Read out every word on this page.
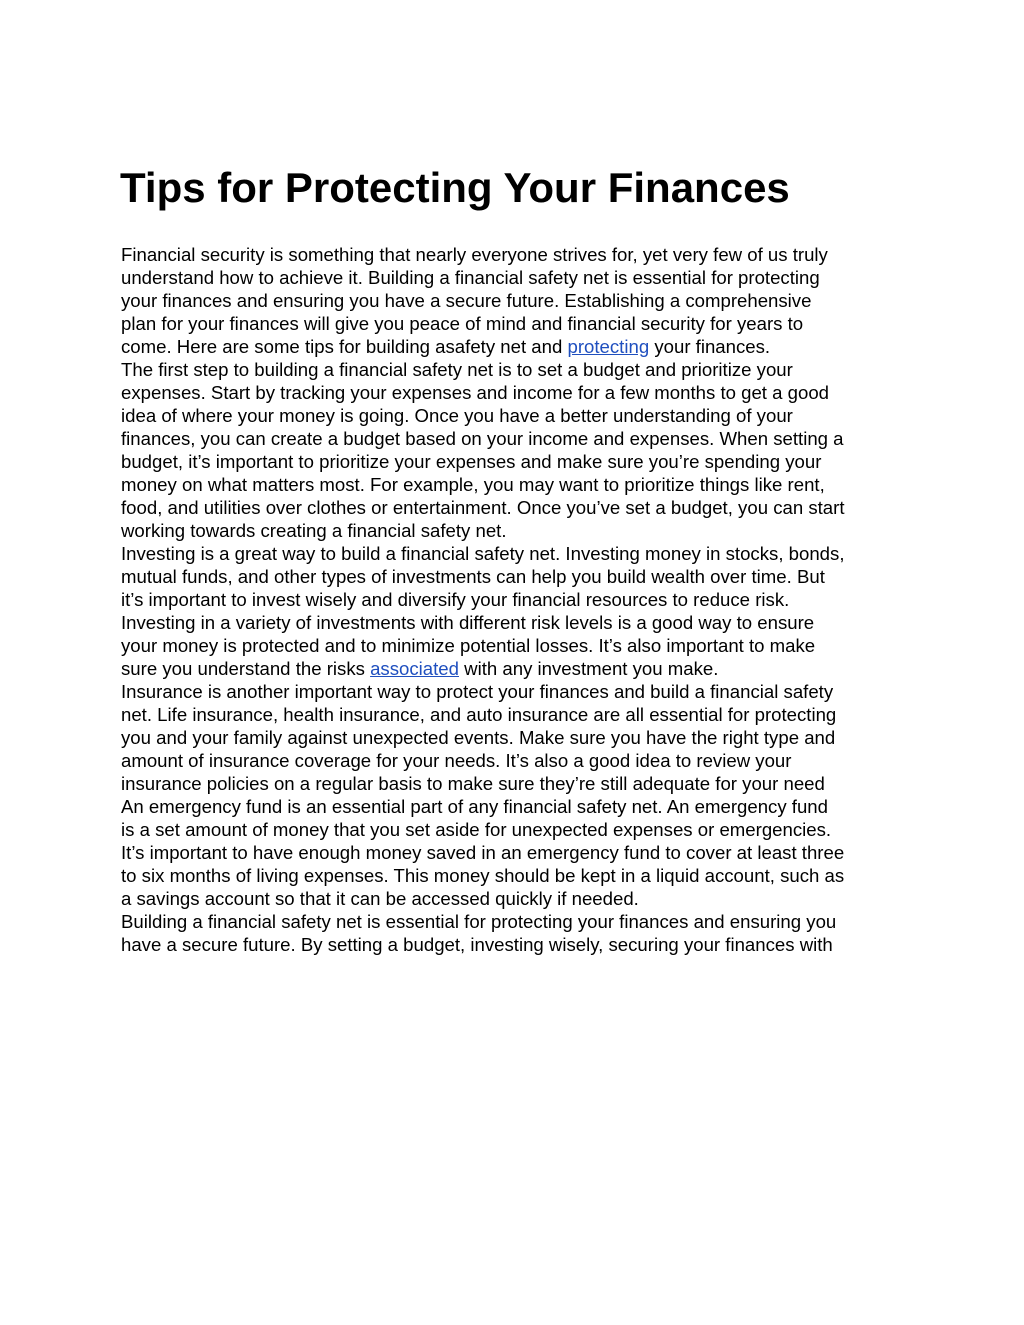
Tips for Protecting Your Finances
Financial security is something that nearly everyone strives for, yet very few of us truly
understand how to achieve it. Building a financial safety net is essential for protecting
your finances and ensuring you have a secure future. Establishing a comprehensive
plan for your finances will give you peace of mind and financial security for years to
come. Here are some tips for building asafety net and protecting your finances.
The first step to building a financial safety net is to set a budget and prioritize your
expenses. Start by tracking your expenses and income for a few months to get a good
idea of where your money is going. Once you have a better understanding of your
finances, you can create a budget based on your income and expenses. When setting a
budget, it’s important to prioritize your expenses and make sure you’re spending your
money on what matters most. For example, you may want to prioritize things like rent,
food, and utilities over clothes or entertainment. Once you’ve set a budget, you can start
working towards creating a financial safety net.
Investing is a great way to build a financial safety net. Investing money in stocks, bonds,
mutual funds, and other types of investments can help you build wealth over time. But
it’s important to invest wisely and diversify your financial resources to reduce risk.
Investing in a variety of investments with different risk levels is a good way to ensure
your money is protected and to minimize potential losses. It’s also important to make
sure you understand the risks associated with any investment you make.
Insurance is another important way to protect your finances and build a financial safety
net. Life insurance, health insurance, and auto insurance are all essential for protecting
you and your family against unexpected events. Make sure you have the right type and
amount of insurance coverage for your needs. It’s also a good idea to review your
insurance policies on a regular basis to make sure they’re still adequate for your need
An emergency fund is an essential part of any financial safety net. An emergency fund
is a set amount of money that you set aside for unexpected expenses or emergencies.
It’s important to have enough money saved in an emergency fund to cover at least three
to six months of living expenses. This money should be kept in a liquid account, such as
a savings account so that it can be accessed quickly if needed.
Building a financial safety net is essential for protecting your finances and ensuring you
have a secure future. By setting a budget, investing wisely, securing your finances with
